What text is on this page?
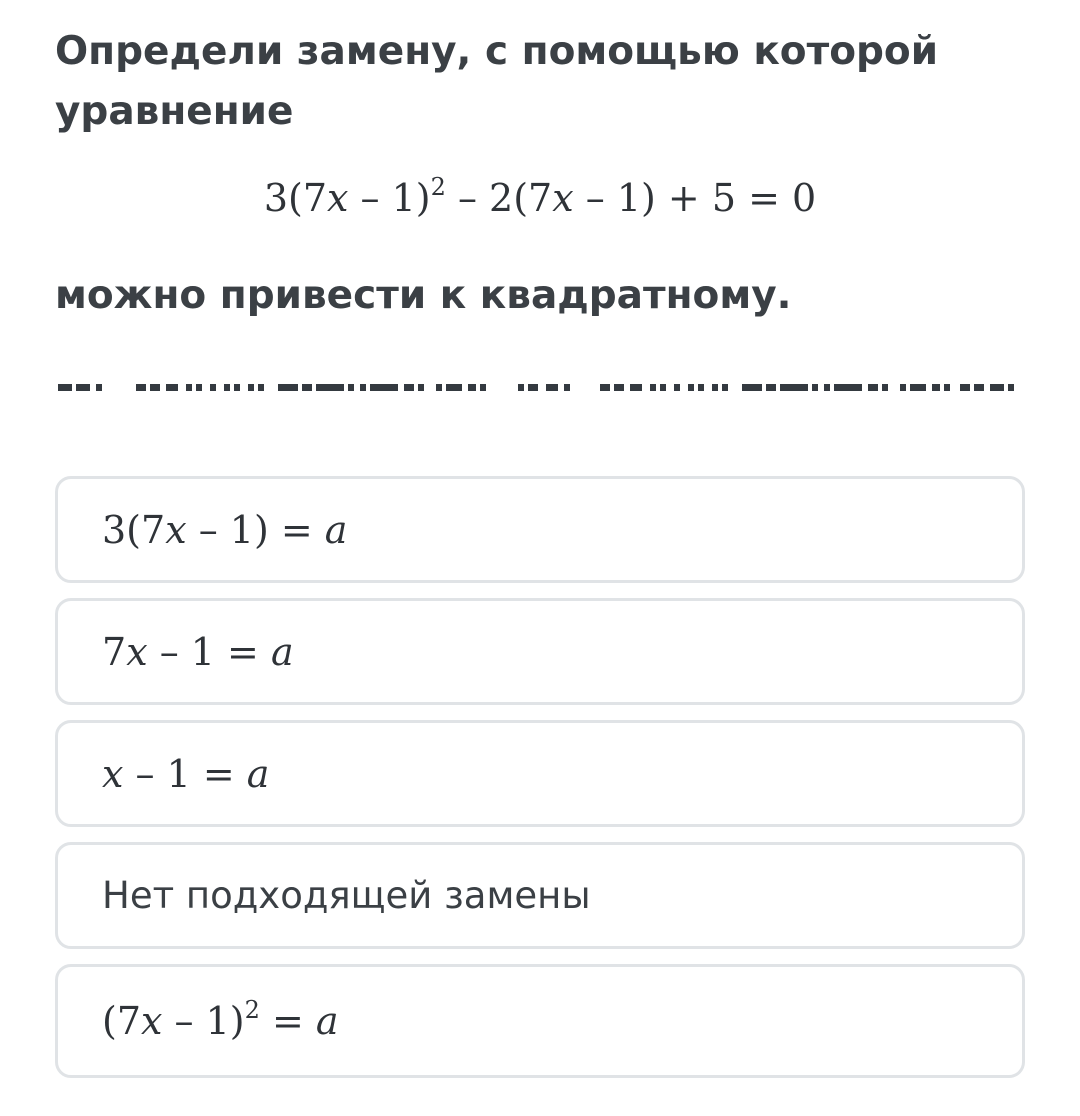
Определи замену, с помощью которой

уравнение

3(7x – 1)$^2$ – 2(7x – 1) + 5 = 0
можно привести к квадратному.
3(7x – 1) = a
7x – 1 = a
x – 1 = a
Нет подходящей замены
(7x – 1)$^2$ = a
